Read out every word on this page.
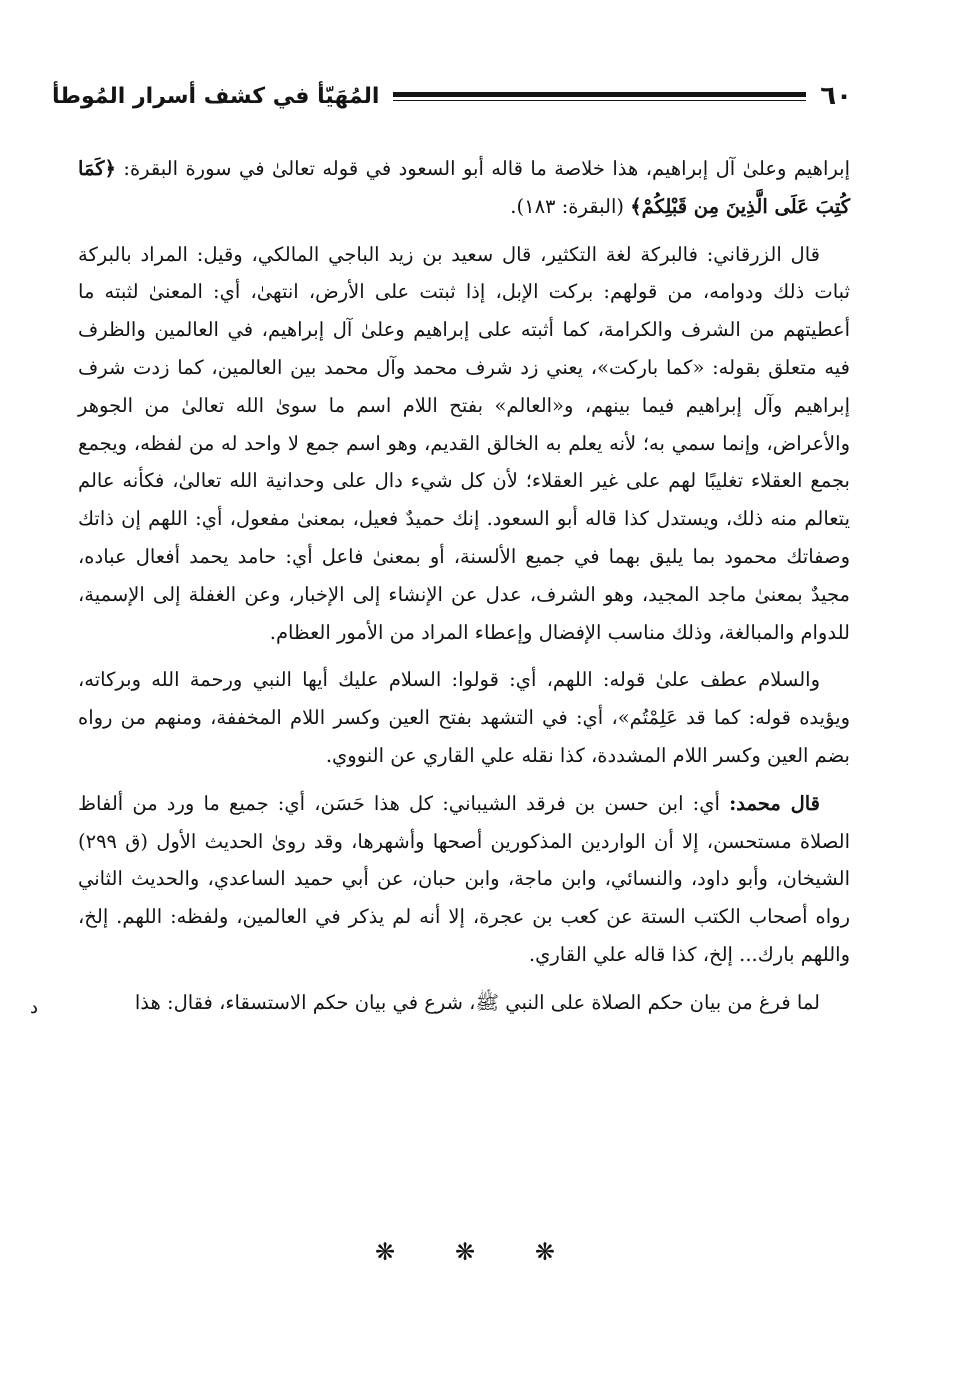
٦٠
المُهَيّأ في كشف أسرار المُوطأ

إبراهيم وعلىٰ آل إبراهيم، هذا خلاصة ما قاله أبو السعود في قوله تعالىٰ في سورة البقرة: ﴿كَمَا كُتِبَ عَلَى الَّذِينَ مِن قَبْلِكُمْ﴾ (البقرة: ١٨٣).

قال الزرقاني: فالبركة لغة التكثير، قال سعيد بن زيد الباجي المالكي، وقيل: المراد بالبركة ثبات ذلك ودوامه، من قولهم: بركت الإبل، إذا ثبتت على الأرض، انتهىٰ، أي: المعنىٰ لثبته ما أعطيتهم من الشرف والكرامة، كما أثبته على إبراهيم وعلىٰ آل إبراهيم، في العالمين والظرف فيه متعلق بقوله: «كما باركت»، يعني زد شرف محمد وآل محمد بين العالمين، كما زدت شرف إبراهيم وآل إبراهيم فيما بينهم، و«العالم» بفتح اللام اسم ما سوىٰ الله تعالىٰ من الجوهر والأعراض، وإنما سمي به؛ لأنه يعلم به الخالق القديم، وهو اسم جمع لا واحد له من لفظه، ويجمع بجمع العقلاء تغليبًا لهم على غير العقلاء؛ لأن كل شيء دال على وحدانية الله تعالىٰ، فكأنه عالم يتعالم منه ذلك، ويستدل كذا قاله أبو السعود. إنك حميدٌ فعيل، بمعنىٰ مفعول، أي: اللهم إن ذاتك وصفاتك محمود بما يليق بهما في جميع الألسنة، أو بمعنىٰ فاعل أي: حامد يحمد أفعال عباده، مجيدٌ بمعنىٰ ماجد المجيد، وهو الشرف، عدل عن الإنشاء إلى الإخبار، وعن الغفلة إلى الإسمية، للدوام والمبالغة، وذلك مناسب الإفضال وإعطاء المراد من الأمور العظام.

والسلام عطف علىٰ قوله: اللهم، أي: قولوا: السلام عليك أيها النبي ورحمة الله وبركاته، ويؤيده قوله: كما قد عَلِمْتُم»، أي: في التشهد بفتح العين وكسر اللام المخففة، ومنهم من رواه بضم العين وكسر اللام المشددة، كذا نقله علي القاري عن النووي.

قال محمد: أي: ابن حسن بن فرقد الشيباني: كل هذا حَسَن، أي: جميع ما ورد من ألفاظ الصلاة مستحسن، إلا أن الواردين المذكورين أصحها وأشهرها، وقد روىٰ الحديث الأول (ق ٢٩٩) الشيخان، وأبو داود، والنسائي، وابن ماجة، وابن حبان، عن أبي حميد الساعدي، والحديث الثاني رواه أصحاب الكتب الستة عن كعب بن عجرة، إلا أنه لم يذكر في العالمين، ولفظه: اللهم. إلخ، واللهم بارك... إلخ، كذا قاله علي القاري.

لما فرغ من بيان حكم الصلاة على النبي ﷺ، شرع في بيان حكم الاستسقاء، فقال: هذا

د
❋ ❋ ❋
